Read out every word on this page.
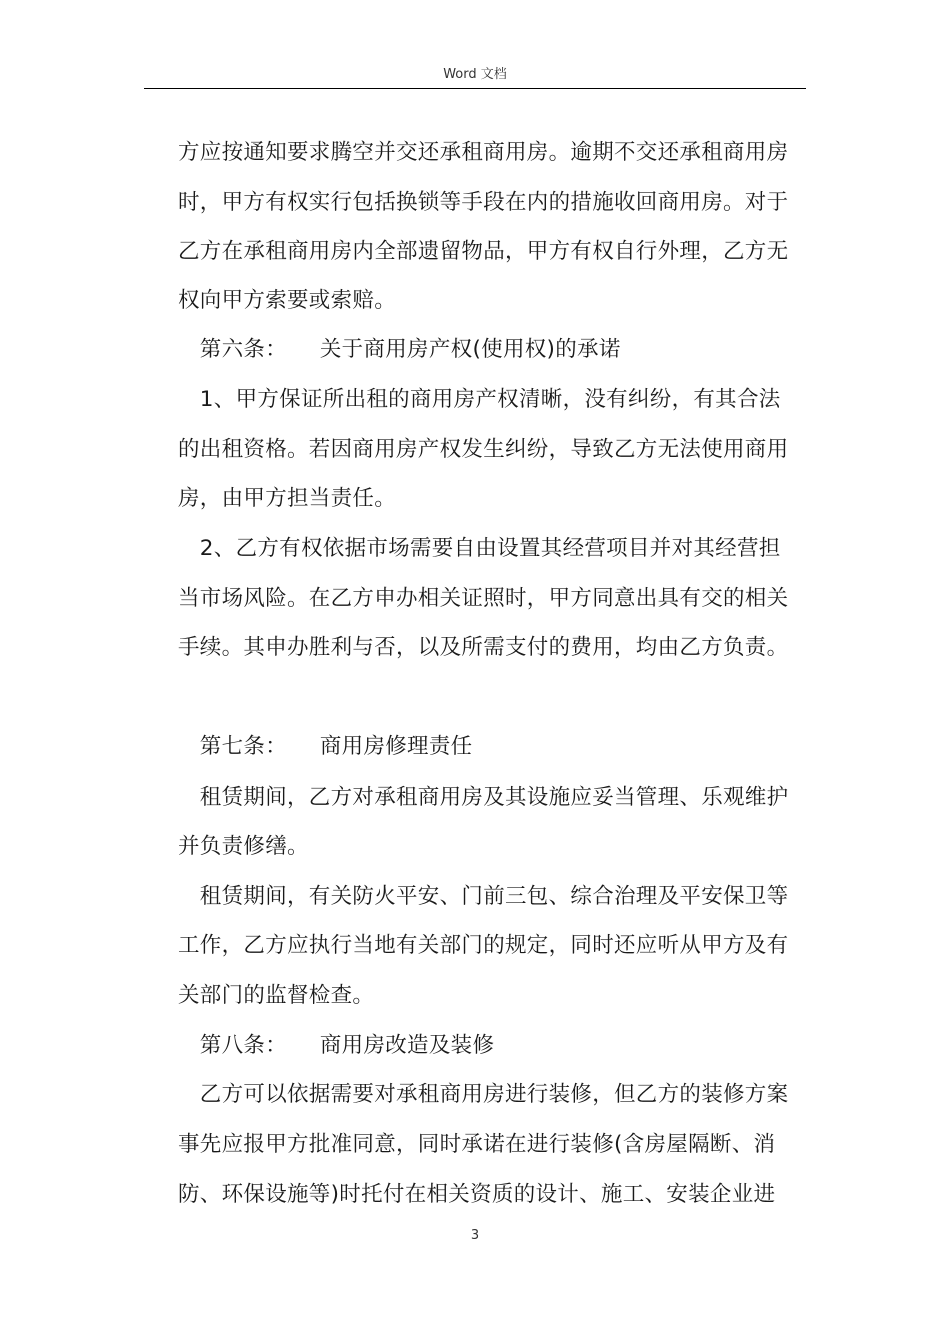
Word 文档
方应按通知要求腾空并交还承租商用房。逾期不交还承租商用房
时，甲方有权实行包括换锁等手段在内的措施收回商用房。对于
乙方在承租商用房内全部遗留物品，甲方有权自行外理，乙方无
权向甲方索要或索赔。
　第六条：　　关于商用房产权(使用权)的承诺
　1、甲方保证所出租的商用房产权清晰，没有纠纷，有其合法
的出租资格。若因商用房产权发生纠纷，导致乙方无法使用商用
房，由甲方担当责任。
　2、乙方有权依据市场需要自由设置其经营项目并对其经营担
当市场风险。在乙方申办相关证照时，甲方同意出具有交的相关
手续。其申办胜利与否，以及所需支付的费用，均由乙方负责。
　第七条：　　商用房修理责任
　租赁期间，乙方对承租商用房及其设施应妥当管理、乐观维护
并负责修缮。
　租赁期间，有关防火平安、门前三包、综合治理及平安保卫等
工作，乙方应执行当地有关部门的规定，同时还应听从甲方及有
关部门的监督检查。
　第八条：　　商用房改造及装修
　乙方可以依据需要对承租商用房进行装修，但乙方的装修方案
事先应报甲方批准同意，同时承诺在进行装修(含房屋隔断、消
防、环保设施等)时托付在相关资质的设计、施工、安装企业进
3
